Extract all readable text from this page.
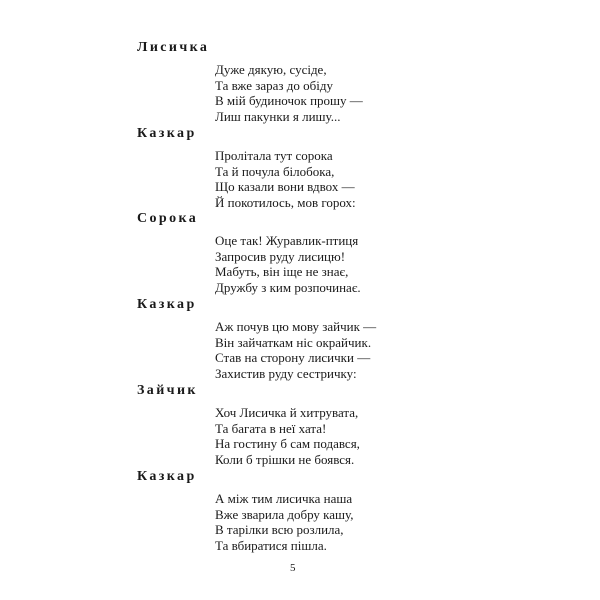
Лисичка
Дуже дякую, сусіде,
Та вже зараз до обіду
В мій будиночок прошу —
Лиш пакунки я лишу...
Казкар
Пролітала тут сорока
Та й почула білобока,
Що казали вони вдвох —
Й покотилось, мов горох:
Сорока
Оце так! Журавлик-птиця
Запросив руду лисицю!
Мабуть, він іще не знає,
Дружбу з ким розпочинає.
Казкар
Аж почув цю мову зайчик —
Він зайчаткам ніс окрайчик.
Став на сторону лисички —
Захистив руду сестричку:
Зайчик
Хоч Лисичка й хитрувата,
Та багата в неї хата!
На гостину б сам подався,
Коли б трішки не боявся.
Казкар
А між тим лисичка наша
Вже зварила добру кашу,
В тарілки всю розлила,
Та вбиратися пішла.
5
